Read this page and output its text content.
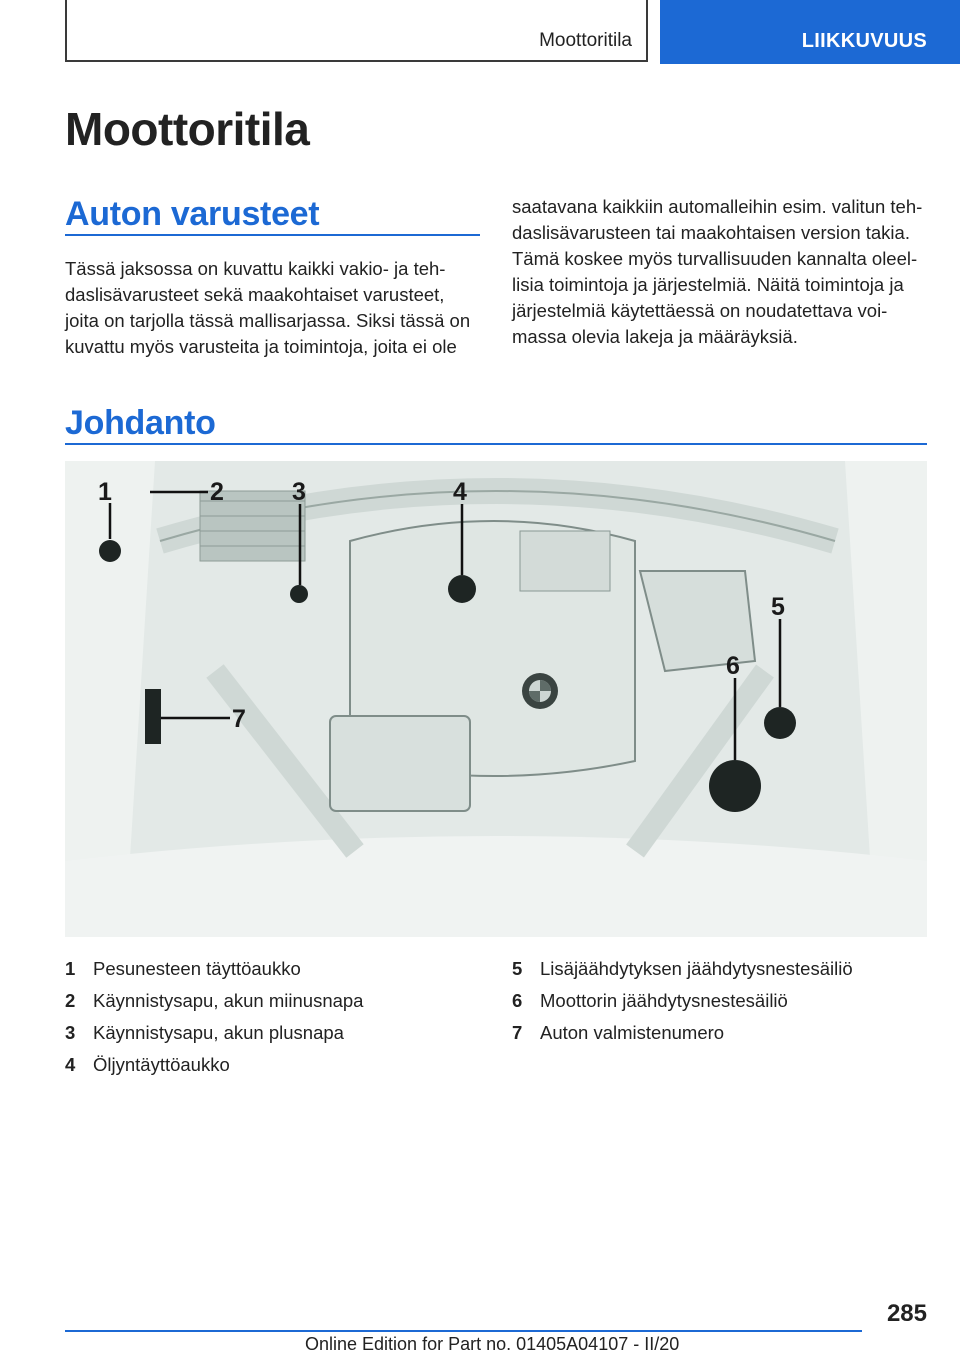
Moottoritila	LIIKKUVUUS
Moottoritila
Auton varusteet
Tässä jaksossa on kuvattu kaikki vakio- ja teh‐
daslisävarusteet sekä maakohtaiset varusteet,
joita on tarjolla tässä mallisarjassa. Siksi tässä on
kuvattu myös varusteita ja toimintoja, joita ei ole
saatavana kaikkiin automalleihin esim. valitun teh‐
daslisävarusteen tai maakohtaisen version takia.
Tämä koskee myös turvallisuuden kannalta oleel‐
lisia toimintoja ja järjestelmiä. Näitä toimintoja ja
järjestelmiä käytettäessä on noudatettava voi‐
massa olevia lakeja ja määräyksiä.
Johdanto
1	2	3	4
5
6
7
1 Pesunesteen täyttöaukko
2 Käynnistysapu, akun miinusnapa
3 Käynnistysapu, akun plusnapa
4 Öljyntäyttöaukko
5 Lisäjäähdytyksen jäähdytysnestesäiliö
6 Moottorin jäähdytysnestesäiliö
7 Auton valmistenumero
285
Online Edition for Part no. 01405A04107 - II/20
